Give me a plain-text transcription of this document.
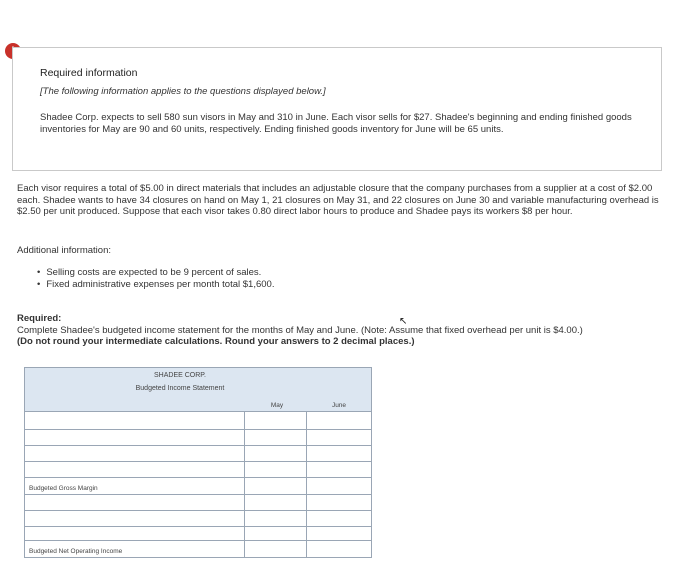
Required information
[The following information applies to the questions displayed below.]
Shadee Corp. expects to sell 580 sun visors in May and 310 in June. Each visor sells for $27. Shadee's beginning and ending finished goods inventories for May are 90 and 60 units, respectively. Ending finished goods inventory for June will be 65 units.
Each visor requires a total of $5.00 in direct materials that includes an adjustable closure that the company purchases from a supplier at a cost of $2.00 each. Shadee wants to have 34 closures on hand on May 1, 21 closures on May 31, and 22 closures on June 30 and variable manufacturing overhead is $2.50 per unit produced. Suppose that each visor takes 0.80 direct labor hours to produce and Shadee pays its workers $8 per hour.
Additional information:
• Selling costs are expected to be 9 percent of sales.
• Fixed administrative expenses per month total $1,600.
Required:
Complete Shadee's budgeted income statement for the months of May and June. (Note: Assume that fixed overhead per unit is $4.00.)
(Do not round your intermediate calculations. Round your answers to 2 decimal places.)
↖
SHADEE CORP.
Budgeted Income Statement
May	June
Budgeted Gross Margin
Budgeted Net Operating Income
